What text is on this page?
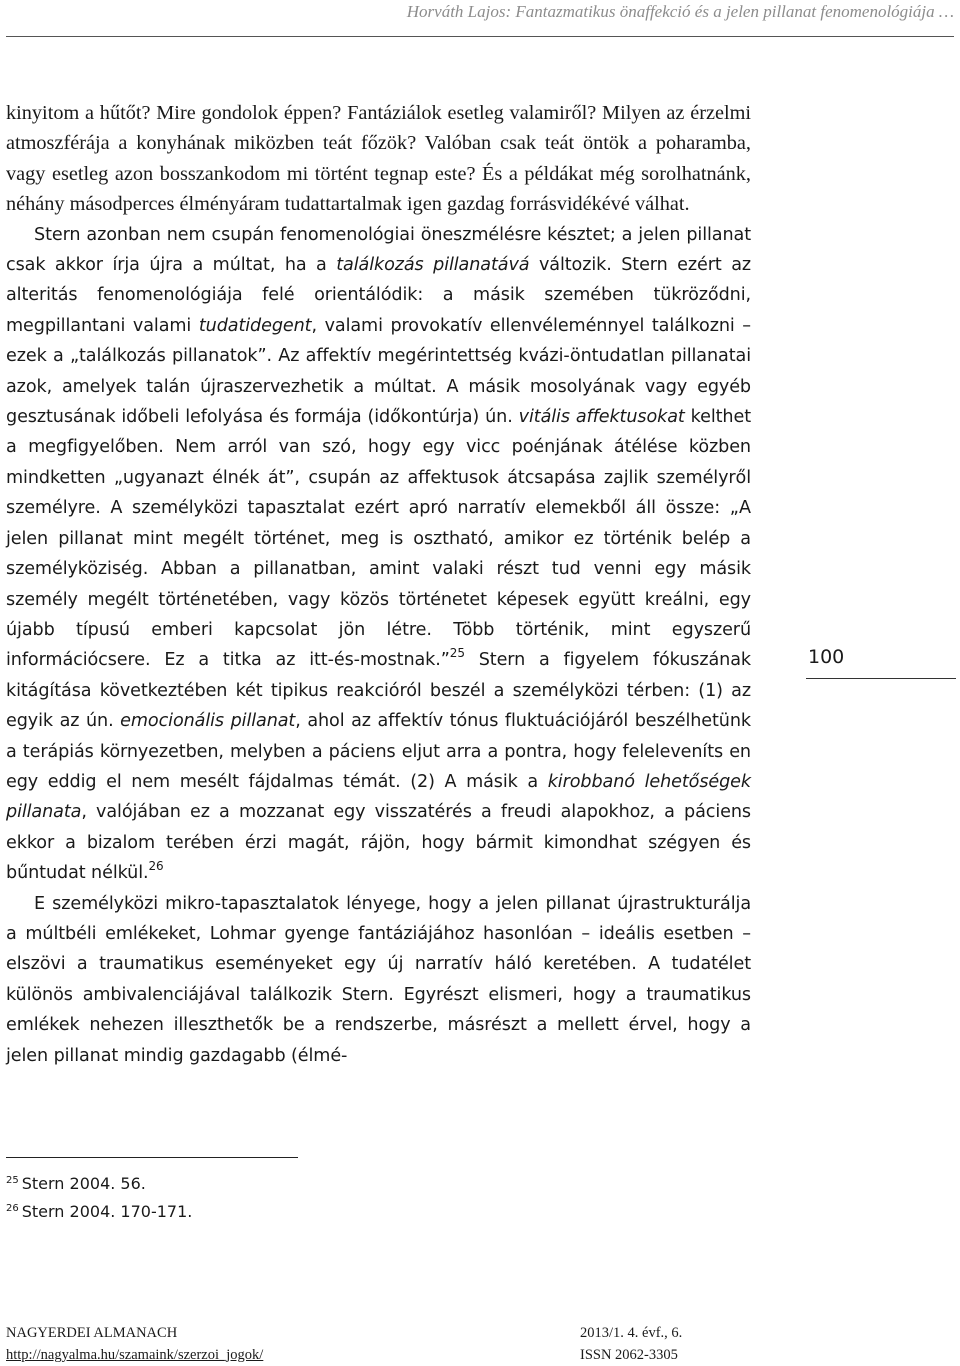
Horváth Lajos: Fantazmatikus önaffekció és a jelen pillanat fenomenológiája …

kinyitom a hűtőt? Mire gondolok éppen? Fantáziálok esetleg valamiről? Milyen az érzelmi atmoszférája a konyhának miközben teát főzök? Valóban csak teát öntök a poharamba, vagy esetleg azon bosszankodom mi történt tegnap este? És a példákat még sorolhatnánk, néhány másodperces élményáram tudattartalmak igen gazdag forrásvidékévé válhat.

Stern azonban nem csupán fenomenológiai öneszmélésre késztet; a jelen pillanat csak akkor írja újra a múltat, ha a találkozás pillanatává változik. Stern ezért az alteritás fenomenológiája felé orientálódik: a másik szemében tükröződni, megpillantani valami tudatidegent, valami provokatív ellenvéleménnyel találkozni – ezek a „találkozás pillanatok”. Az affektív megérintettség kvázi-öntudatlan pillanatai azok, amelyek talán újraszervezhetik a múltat. A másik mosolyának vagy egyéb gesztusának időbeli lefolyása és formája (időkontúrja) ún. vitális affektusokat kelthet a megfigyelőben. Nem arról van szó, hogy egy vicc poénjának átélése közben mindketten „ugyanazt élnék át”, csupán az affektusok átcsapása zajlik személyről személyre. A személyközi tapasztalat ezért apró narratív elemekből áll össze: „A jelen pillanat mint megélt történet, meg is osztható, amikor ez történik belép a személyköziség. Abban a pillanatban, amint valaki részt tud venni egy másik személy megélt történetében, vagy közös történetet képesek együtt kreálni, egy újabb típusú emberi kapcsolat jön létre. Több történik, mint egyszerű információcsere. Ez a titka az itt-és-mostnak.”$^{25}$ Stern a figyelem fókuszának kitágítása következtében két tipikus reakcióról beszél a személyközi térben: (1) az egyik az ún. emocionális pillanat, ahol az affektív tónus fluktuációjáról beszélhetünk a terápiás környezetben, melyben a páciens eljut arra a pontra, hogy feleleveníts en egy eddig el nem mesélt fájdalmas témát. (2) A másik a kirobbanó lehetőségek pillanata, valójában ez a mozzanat egy visszatérés a freudi alapokhoz, a páciens ekkor a bizalom terében érzi magát, rájön, hogy bármit kimondhat szégyen és bűntudat nélkül.$^{26}$

E személyközi mikro-tapasztalatok lényege, hogy a jelen pillanat újrastrukturálja a múltbéli emlékeket, Lohmar gyenge fantáziájához hasonlóan – ideális esetben – elszövi a traumatikus eseményeket egy új narratív háló keretében. A tudatélet különös ambivalenciájával találkozik Stern. Egyrészt elismeri, hogy a traumatikus emlékek nehezen illeszthetők be a rendszerbe, másrészt a mellett érvel, hogy a jelen pillanat mindig gazdagabb (élmé-

100
$^{25}$ Stern 2004. 56.
$^{26}$ Stern 2004. 170-171.
NAGYERDEI ALMANACH
http://nagyalma.hu/szamaink/szerzoi_jogok/
2013/1. 4. évf., 6.
ISSN 2062-3305
